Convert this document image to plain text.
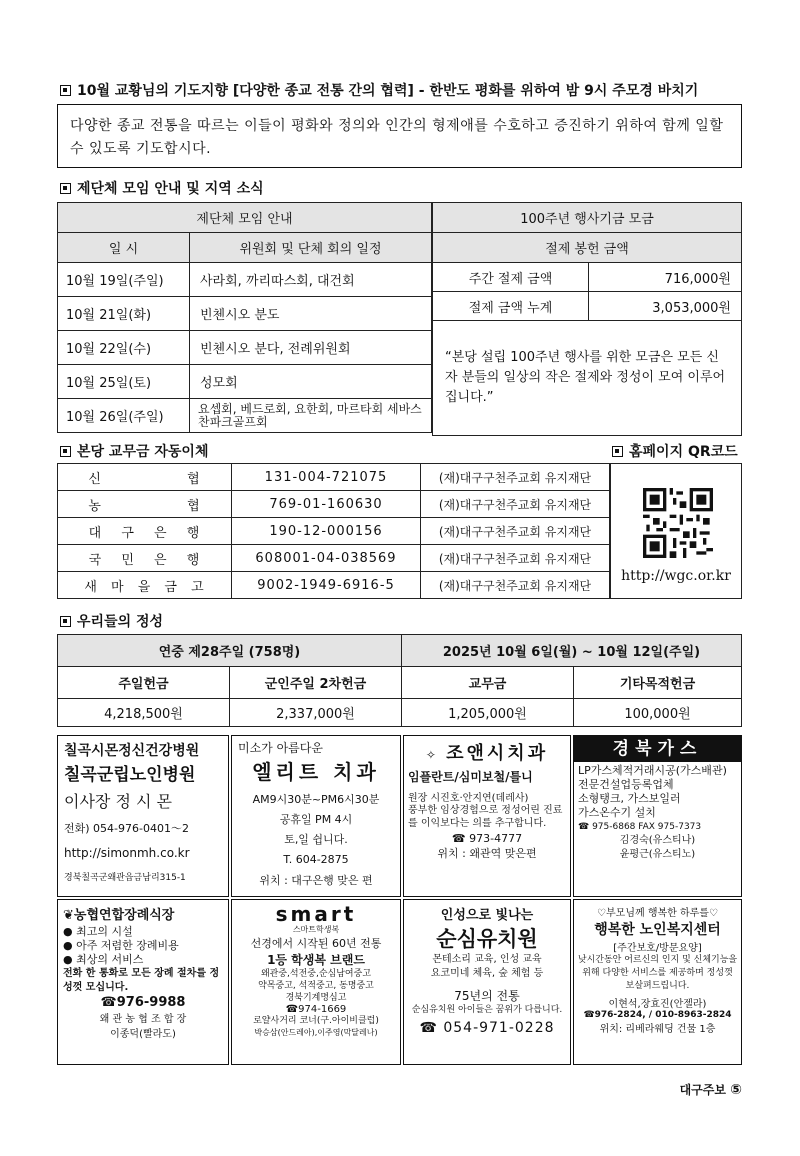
10월 교황님의 기도지향 [다양한 종교 전통 간의 협력] - 한반도 평화를 위하여 밤 9시 주모경 바치기
다양한 종교 전통을 따르는 이들이 평화와 정의와 인간의 형제애를 수호하고 증진하기 위하여 함께 일할 수 있도록 기도합시다.
제단체 모임 안내 및 지역 소식
제단체 모임 안내	
일 시	위원회 및 단체 회의 일정
10월 19일(주일)	사라회, 까리따스회, 대건회
10월 21일(화)	빈첸시오 분도
10월 22일(수)	빈첸시오 분다, 전례위원회
10월 25일(토)	성모회
10월 26일(주일)	요셉회, 베드로회, 요한회, 마르타회 세바스찬파크골프회
100주년 행사기금 모금	
절제 봉헌 금액	
주간 절제 금액	716,000원
절제 금액 누계	3,053,000원
“본당 설립 100주년 행사를 위한 모금은 모든 신자 분들의 일상의 작은 절제와 정성이 모여 이루어집니다.”	
본당 교무금 자동이체	홈페이지 QR코드
신 협	131-004-721075	(재)대구구천주교회 유지재단
농 협	769-01-160630	(재)대구구천주교회 유지재단
대 구 은 행	190-12-000156	(재)대구구천주교회 유지재단
국 민 은 행	608001-04-038569	(재)대구구천주교회 유지재단
새 마 을 금 고	9002-1949-6916-5	(재)대구구천주교회 유지재단
http://wgc.or.kr
우리들의 정성
연중 제28주일 (758명)		2025년 10월 6일(월) ~ 10월 12일(주일)	
주일헌금	군인주일 2차헌금	교무금	기타목적헌금
4,218,500원	2,337,000원	1,205,000원	100,000원
칠곡시몬정신건강병원
칠곡군립노인병원
이사장 정 시 몬
전화) 054-976-0401～2
http://simonmh.co.kr
경북칠곡군왜관읍금남리315-1
미소가 아름다운
엘리트 치과
AM9시30분~PM6시30분
공휴일 PM 4시
토,일 쉽니다.
T. 604-2875
위치 : 대구은행 맞은 편
✧ 조앤시치과
임플란트/심미보철/틀니
원장 시진호·안지연(데레사)
풍부한 임상경험으로 정성어린 진료를 이익보다는 의를 추구합니다.
☎ 973-4777
위치 : 왜관역 맞은편
경북가스
LP가스체적거래시공(가스배관)
전문건설업등록업체
소형탱크, 가스보일러
가스온수기 설치
☎ 975-6868 FAX 975-7373
김경숙(유스티나)
윤평근(유스티노)
❦농협연합장례식장
● 최고의 시설
● 아주 저렴한 장례비용
● 최상의 서비스
전화 한 통화로 모든 장례 절차를 정성껏 모십니다.
☎976-9988
왜 관 농 협 조 합 장
이종덕(빨라도)
smart
스마트학생복
선경에서 시작된 60년 전통
1등 학생복 브랜드
왜관중,석전중,순심남여중고
약목중고, 석적중고, 동명중고
경북기계명심고
☎974-1669
로얄사거리 코너(구.아이비클럽)
박승삼(안드레아),이주영(막달레나)
인성으로 빛나는
순심유치원
몬테소리 교육, 인성 교육
요코미네 체육, 숲 체험 등
75년의 전통
순심유치원 아이들은 꿈위가 다릅니다.
☎ 054-971-0228
♡부모님께 행복한 하루를♡
행복한 노인복지센터
[주간보호/방문요양]
낮시간동안 어르신의 인지 및 신체기능을 위해 다양한 서비스를 제공하며 정성껏 보살펴드립니다.
이현석,장효진(안젤라)
☎976-2824, / 010-8963-2824
위치: 리베라웨딩 건물 1층
대구주보 ⑤
